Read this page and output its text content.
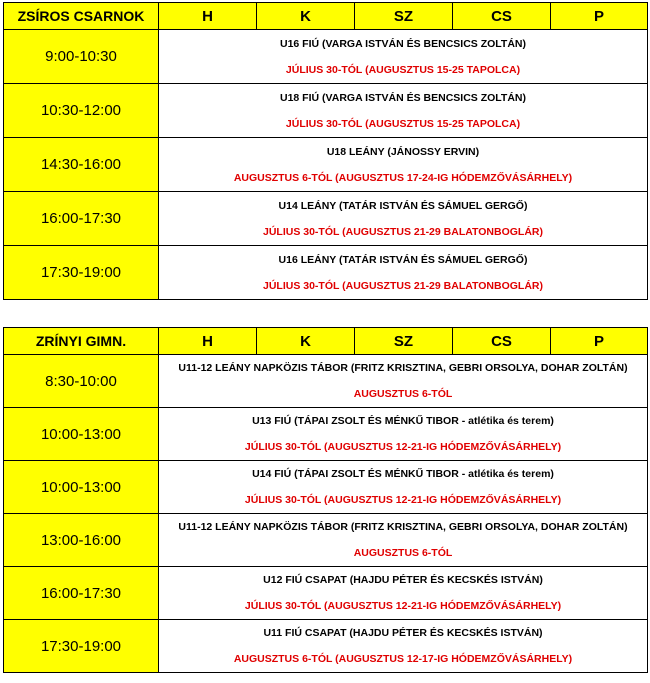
ZSÍROS CSARNOK	H	K	SZ	CS	P
9:00-10:30	U16 FIÚ (VARGA ISTVÁN ÉS BENCSICS ZOLTÁN)
JÚLIUS 30-TÓL (AUGUSZTUS 15-25 TAPOLCA)				

10:30-12:00	U18 FIÚ (VARGA ISTVÁN ÉS BENCSICS ZOLTÁN)
JÚLIUS 30-TÓL (AUGUSZTUS 15-25 TAPOLCA)				

14:30-16:00	U18 LEÁNY (JÁNOSSY ERVIN)
AUGUSZTUS 6-TÓL (AUGUSZTUS 17-24-IG HÓDEMZŐVÁSÁRHELY)				

16:00-17:30	U14 LEÁNY (TATÁR ISTVÁN ÉS SÁMUEL GERGŐ)
JÚLIUS 30-TÓL (AUGUSZTUS 21-29 BALATONBOGLÁR)				

17:30-19:00	U16 LEÁNY (TATÁR ISTVÁN ÉS SÁMUEL GERGŐ)
JÚLIUS 30-TÓL (AUGUSZTUS 21-29 BALATONBOGLÁR)				
ZRÍNYI GIMN.	H	K	SZ	CS	P
8:30-10:00	U11-12 LEÁNY NAPKÖZIS TÁBOR (FRITZ KRISZTINA, GEBRI ORSOLYA, DOHAR ZOLTÁN)
AUGUSZTUS 6-TÓL				

10:00-13:00	U13 FIÚ (TÁPAI ZSOLT ÉS MÉNKŰ TIBOR - atlétika és terem)
JÚLIUS 30-TÓL (AUGUSZTUS 12-21-IG HÓDEMZŐVÁSÁRHELY)				

10:00-13:00	U14 FIÚ (TÁPAI ZSOLT ÉS MÉNKŰ TIBOR - atlétika és terem)
JÚLIUS 30-TÓL (AUGUSZTUS 12-21-IG HÓDEMZŐVÁSÁRHELY)				

13:00-16:00	U11-12 LEÁNY NAPKÖZIS TÁBOR (FRITZ KRISZTINA, GEBRI ORSOLYA, DOHAR ZOLTÁN)
AUGUSZTUS 6-TÓL				

16:00-17:30	U12 FIÚ CSAPAT (HAJDU PÉTER ÉS KECSKÉS ISTVÁN)
JÚLIUS 30-TÓL (AUGUSZTUS 12-21-IG HÓDEMZŐVÁSÁRHELY)				

17:30-19:00	U11 FIÚ CSAPAT (HAJDU PÉTER ÉS KECSKÉS ISTVÁN)
AUGUSZTUS 6-TÓL (AUGUSZTUS 12-17-IG HÓDEMZŐVÁSÁRHELY)				
